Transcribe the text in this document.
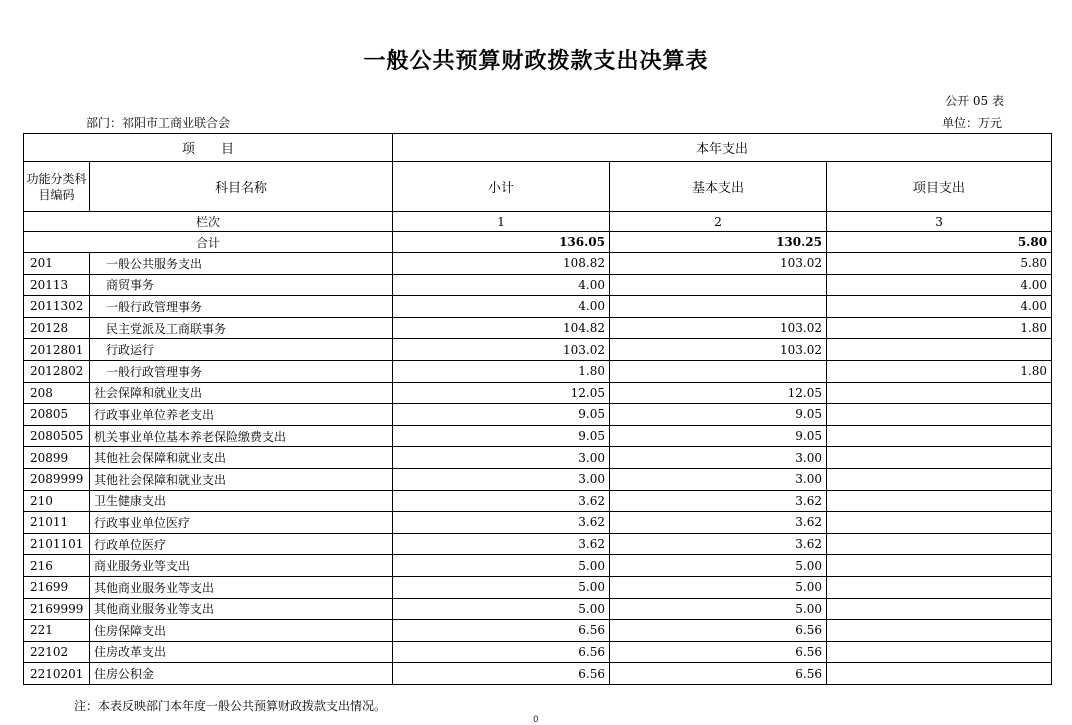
一般公共预算财政拨款支出决算表
公开 05 表
部门：祁阳市工商业联合会	单位：万元
项　　目		本年支出		
功能分类科目编码	科目名称	小计	基本支出	项目支出
栏次		1	2	3
合计		136.05	130.25	5.80
201	　一般公共服务支出	108.82	103.02	5.80
20113	　商贸事务	4.00		4.00
2011302	　一般行政管理事务	4.00		4.00
20128	　民主党派及工商联事务	104.82	103.02	1.80
2012801	　行政运行	103.02	103.02	
2012802	　一般行政管理事务	1.80		1.80
208	社会保障和就业支出	12.05	12.05	
20805	行政事业单位养老支出	9.05	9.05	
2080505	机关事业单位基本养老保险缴费支出	9.05	9.05	
20899	其他社会保障和就业支出	3.00	3.00	
2089999	其他社会保障和就业支出	3.00	3.00	
210	卫生健康支出	3.62	3.62	
21011	行政事业单位医疗	3.62	3.62	
2101101	行政单位医疗	3.62	3.62	
216	商业服务业等支出	5.00	5.00	
21699	其他商业服务业等支出	5.00	5.00	
2169999	其他商业服务业等支出	5.00	5.00	
221	住房保障支出	6.56	6.56	
22102	住房改革支出	6.56	6.56	
2210201	住房公积金	6.56	6.56	
注：本表反映部门本年度一般公共预算财政拨款支出情况。
0
